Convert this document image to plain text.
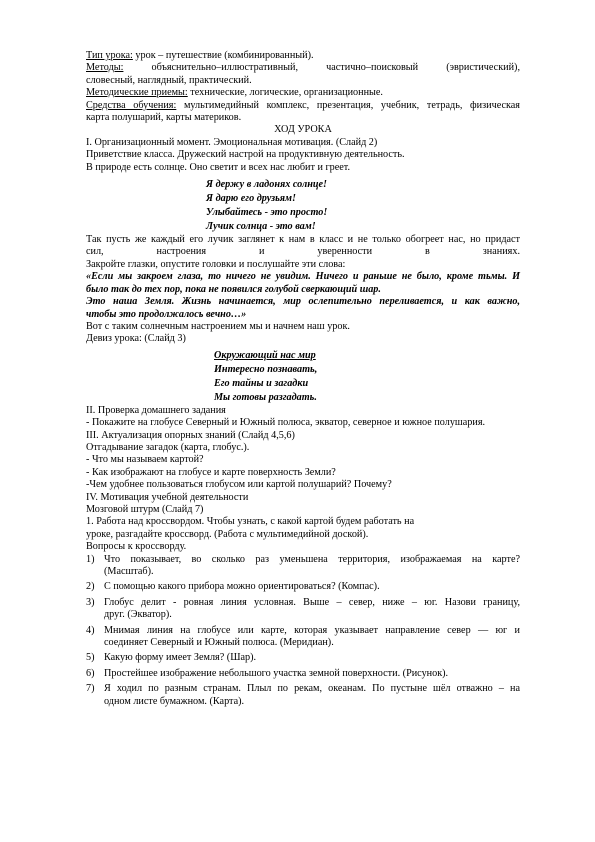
Тип урока: урок – путешествие (комбинированный).

Методы: объяснительно–иллюстративный, частично–поисковый (эвристический),

словесный, наглядный, практический.

Методические приемы: технические, логические, организационные.

Средства обучения: мультимедийный комплекс, презентация, учебник, тетрадь, физическая

карта полушарий, карты материков.

ХОД УРОКА

I. Организационный момент. Эмоциональная мотивация. (Слайд 2)

Приветствие класса. Дружеский настрой на продуктивную деятельность.

В природе есть солнце. Оно светит и всех нас любит и греет.

Я держу в ладонях солнце!

Я дарю его друзьям!

Улыбайтесь - это просто!

Лучик солнца - это вам!

Так пусть же каждый его лучик заглянет к нам в класс и не только обогреет нас, но придаст

сил, настроения и уверенности в знаниях.

Закройте глазки, опустите головки и послушайте эти слова:

«Если мы закроем глаза, то ничего не увидим. Ничего и раньше не было, кроме тьмы. И

было так до тех пор, пока не появился голубой сверкающий шар.

Это наша Земля. Жизнь начинается, мир ослепительно переливается, и как важно,

чтобы это продолжалось вечно…»

Вот с таким солнечным настроением мы и начнем наш урок.

Девиз урока: (Слайд 3)

Окружающий нас мир

Интересно познавать,

Его тайны и загадки

Мы готовы разгадать.

II. Проверка домашнего задания

- Покажите на глобусе Северный и Южный полюса, экватор, северное и южное полушария.

III. Актуализация опорных знаний (Слайд 4,5,6)

Отгадывание загадок (карта, глобус.).

- Что мы называем картой?

- Как изображают на глобусе и карте поверхность Земли?

-Чем удобнее пользоваться глобусом или картой полушарий? Почему?

IV. Мотивация учебной деятельности

Мозговой штурм (Слайд 7)

1. Работа над кроссвордом. Чтобы узнать, с какой картой будем работать на

уроке, разгадайте кроссворд. (Работа с мультимедийной доской).

Вопросы к кроссворду.

1) Что показывает, во сколько раз уменьшена территория, изображаемая на карте?

(Масштаб).

2) С помощью какого прибора можно ориентироваться? (Компас).

3) Глобус делит - ровная линия условная. Выше – север, ниже – юг. Назови границу,

друг. (Экватор).

4) Мнимая линия на глобусе или карте, которая указывает направление север — юг и

соединяет Северный и Южный полюса. (Меридиан).

5) Какую форму имеет Земля? (Шар).

6) Простейшее изображение небольшого участка земной поверхности. (Рисунок).

7) Я ходил по разным странам. Плыл по рекам, океанам. По пустыне шёл отважно – на

одном листе бумажном. (Карта).
